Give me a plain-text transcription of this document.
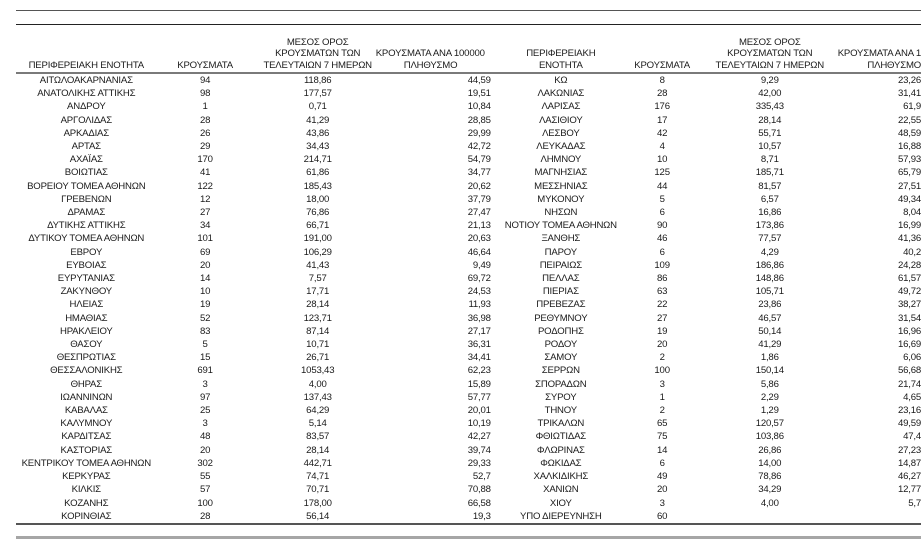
ΠΕΡΙΦΕΡΕΙΑΚΗ ΕΝΟΤΗΤΑ	ΚΡΟΥΣΜΑΤΑ	ΜΕΣΟΣ ΟΡΟΣ
ΚΡΟΥΣΜΑΤΩΝ ΤΩΝ
ΤΕΛΕΥΤΑΙΩΝ 7 ΗΜΕΡΩΝ	ΚΡΟΥΣΜΑΤΑ ΑΝΑ 100000
ΠΛΗΘΥΣΜΟ	ΠΕΡΙΦΕΡΕΙΑΚΗ ΕΝΟΤΗΤΑ	ΚΡΟΥΣΜΑΤΑ	ΜΕΣΟΣ ΟΡΟΣ
ΚΡΟΥΣΜΑΤΩΝ ΤΩΝ
ΤΕΛΕΥΤΑΙΩΝ 7 ΗΜΕΡΩΝ	ΚΡΟΥΣΜΑΤΑ ΑΝΑ 1
ΠΛΗΘΥΣΜΟ
ΑΙΤΩΛΟΑΚΑΡΝΑΝΙΑΣ	94	118,86	44,59	ΚΩ	8	9,29	23,26
ΑΝΑΤΟΛΙΚΗΣ ΑΤΤΙΚΗΣ	98	177,57	19,51	ΛΑΚΩΝΙΑΣ	28	42,00	31,41
ΑΝΔΡΟΥ	1	0,71	10,84	ΛΑΡΙΣΑΣ	176	335,43	61,9
ΑΡΓΟΛΙΔΑΣ	28	41,29	28,85	ΛΑΣΙΘΙΟΥ	17	28,14	22,55
ΑΡΚΑΔΙΑΣ	26	43,86	29,99	ΛΕΣΒΟΥ	42	55,71	48,59
ΑΡΤΑΣ	29	34,43	42,72	ΛΕΥΚΑΔΑΣ	4	10,57	16,88
ΑΧΑΪΑΣ	170	214,71	54,79	ΛΗΜΝΟΥ	10	8,71	57,93
ΒΟΙΩΤΙΑΣ	41	61,86	34,77	ΜΑΓΝΗΣΙΑΣ	125	185,71	65,79
ΒΟΡΕΙΟΥ ΤΟΜΕΑ ΑΘΗΝΩΝ	122	185,43	20,62	ΜΕΣΣΗΝΙΑΣ	44	81,57	27,51
ΓΡΕΒΕΝΩΝ	12	18,00	37,79	ΜΥΚΟΝΟΥ	5	6,57	49,34
ΔΡΑΜΑΣ	27	76,86	27,47	ΝΗΣΩΝ	6	16,86	8,04
ΔΥΤΙΚΗΣ ΑΤΤΙΚΗΣ	34	66,71	21,13	ΝΟΤΙΟΥ ΤΟΜΕΑ ΑΘΗΝΩΝ	90	173,86	16,99
ΔΥΤΙΚΟΥ ΤΟΜΕΑ ΑΘΗΝΩΝ	101	191,00	20,63	ΞΑΝΘΗΣ	46	77,57	41,36
ΕΒΡΟΥ	69	106,29	46,64	ΠΑΡΟΥ	6	4,29	40,2
ΕΥΒΟΙΑΣ	20	41,43	9,49	ΠΕΙΡΑΙΩΣ	109	186,86	24,28
ΕΥΡΥΤΑΝΙΑΣ	14	7,57	69,72	ΠΕΛΛΑΣ	86	148,86	61,57
ΖΑΚΥΝΘΟΥ	10	17,71	24,53	ΠΙΕΡΙΑΣ	63	105,71	49,72
ΗΛΕΙΑΣ	19	28,14	11,93	ΠΡΕΒΕΖΑΣ	22	23,86	38,27
ΗΜΑΘΙΑΣ	52	123,71	36,98	ΡΕΘΥΜΝΟΥ	27	46,57	31,54
ΗΡΑΚΛΕΙΟΥ	83	87,14	27,17	ΡΟΔΟΠΗΣ	19	50,14	16,96
ΘΑΣΟΥ	5	10,71	36,31	ΡΟΔΟΥ	20	41,29	16,69
ΘΕΣΠΡΩΤΙΑΣ	15	26,71	34,41	ΣΑΜΟΥ	2	1,86	6,06
ΘΕΣΣΑΛΟΝΙΚΗΣ	691	1053,43	62,23	ΣΕΡΡΩΝ	100	150,14	56,68
ΘΗΡΑΣ	3	4,00	15,89	ΣΠΟΡΑΔΩΝ	3	5,86	21,74
ΙΩΑΝΝΙΝΩΝ	97	137,43	57,77	ΣΥΡΟΥ	1	2,29	4,65
ΚΑΒΑΛΑΣ	25	64,29	20,01	ΤΗΝΟΥ	2	1,29	23,16
ΚΑΛΥΜΝΟΥ	3	5,14	10,19	ΤΡΙΚΑΛΩΝ	65	120,57	49,59
ΚΑΡΔΙΤΣΑΣ	48	83,57	42,27	ΦΘΙΩΤΙΔΑΣ	75	103,86	47,4
ΚΑΣΤΟΡΙΑΣ	20	28,14	39,74	ΦΛΩΡΙΝΑΣ	14	26,86	27,23
ΚΕΝΤΡΙΚΟΥ ΤΟΜΕΑ ΑΘΗΝΩΝ	302	442,71	29,33	ΦΩΚΙΔΑΣ	6	14,00	14,87
ΚΕΡΚΥΡΑΣ	55	74,71	52,7	ΧΑΛΚΙΔΙΚΗΣ	49	78,86	46,27
ΚΙΛΚΙΣ	57	70,71	70,88	ΧΑΝΙΩΝ	20	34,29	12,77
ΚΟΖΑΝΗΣ	100	178,00	66,58	ΧΙΟΥ	3	4,00	5,7
ΚΟΡΙΝΘΙΑΣ	28	56,14	19,3	ΥΠΟ ΔΙΕΡΕΥΝΗΣΗ	60		
